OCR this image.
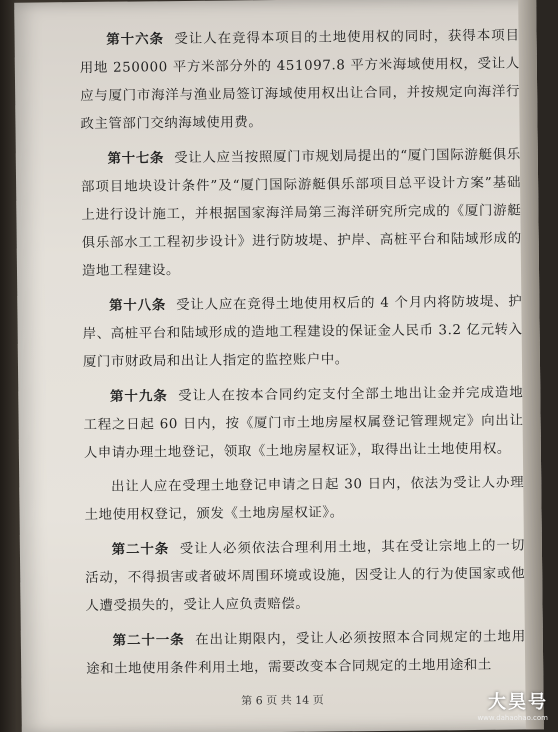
第十六条 受让人在竞得本项目的土地使用权的同时，获得本项目用地 250000 平方米部分外的 451097.8 平方米海域使用权，受让人应与厦门市海洋与渔业局签订海域使用权出让合同，并按规定向海洋行政主管部门交纳海域使用费。

第十七条 受让人应当按照厦门市规划局提出的“厦门国际游艇俱乐部项目地块设计条件”及“厦门国际游艇俱乐部项目总平设计方案”基础上进行设计施工，并根据国家海洋局第三海洋研究所完成的《厦门游艇俱乐部水工工程初步设计》进行防坡堤、护岸、高桩平台和陆域形成的造地工程建设。

第十八条 受让人应在竞得土地使用权后的 4 个月内将防坡堤、护岸、高桩平台和陆域形成的造地工程建设的保证金人民币 3.2 亿元转入厦门市财政局和出让人指定的监控账户中。

第十九条 受让人在按本合同约定支付全部土地出让金并完成造地工程之日起 60 日内，按《厦门市土地房屋权属登记管理规定》向出让人申请办理土地登记，领取《土地房屋权证》，取得出让土地使用权。

出让人应在受理土地登记申请之日起 30 日内，依法为受让人办理土地使用权登记，颁发《土地房屋权证》。

第二十条 受让人必须依法合理利用土地，其在受让宗地上的一切活动，不得损害或者破坏周围环境或设施，因受让人的行为使国家或他人遭受损失的，受让人应负责赔偿。

第二十一条 在出让期限内，受让人必须按照本合同规定的土地用途和土地使用条件利用土地，需要改变本合同规定的土地用途和土

第 6 页 共 14 页	大昊号
www.dahaohao.com
